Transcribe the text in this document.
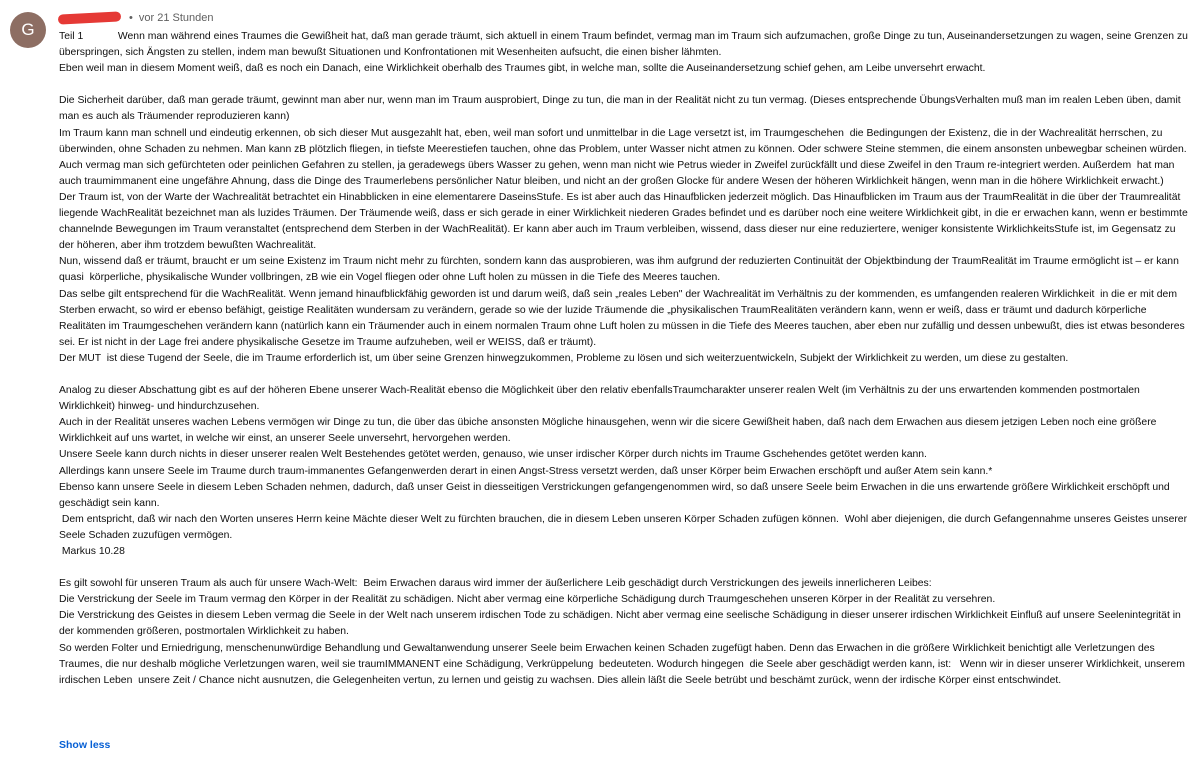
G
• vor 21 Stunden

Teil 1            Wenn man während eines Traumes die Gewißheit hat, daß man gerade träumt, sich aktuell in einem Traum befindet, vermag man im Traum sich aufzumachen, große Dinge zu tun, Auseinandersetzungen zu wagen, seine Grenzen zu überspringen, sich Ängsten zu stellen, indem man bewußt Situationen und Konfrontationen mit Wesenheiten aufsucht, die einen bisher lähmten.

Eben weil man in diesem Moment weiß, daß es noch ein Danach, eine Wirklichkeit oberhalb des Traumes gibt, in welche man, sollte die Auseinandersetzung schief gehen, am Leibe unversehrt erwacht.

Die Sicherheit darüber, daß man gerade träumt, gewinnt man aber nur, wenn man im Traum ausprobiert, Dinge zu tun, die man in der Realität nicht zu tun vermag. (Dieses entsprechende ÜbungsVerhalten muß man im realen Leben üben, damit man es auch als Träumender reproduzieren kann)

Im Traum kann man schnell und eindeutig erkennen, ob sich dieser Mut ausgezahlt hat, eben, weil man sofort und unmittelbar in die Lage versetzt ist, im Traumgeschehen  die Bedingungen der Existenz, die in der Wachrealität herrschen, zu überwinden, ohne Schaden zu nehmen. Man kann zB plötzlich fliegen, in tiefste Meerestiefen tauchen, ohne das Problem, unter Wasser nicht atmen zu können. Oder schwere Steine stemmen, die einem ansonsten unbewegbar scheinen würden.

Auch vermag man sich gefürchteten oder peinlichen Gefahren zu stellen, ja geradewegs übers Wasser zu gehen, wenn man nicht wie Petrus wieder in Zweifel zurückfällt und diese Zweifel in den Traum re-integriert werden. Außerdem  hat man auch traumimmanent eine ungefähre Ahnung, dass die Dinge des Traumerlebens persönlicher Natur bleiben, und nicht an der großen Glocke für andere Wesen der höheren Wirklichkeit hängen, wenn man in die höhere Wirklichkeit erwacht.)

Der Traum ist, von der Warte der Wachrealität betrachtet ein Hinabblicken in eine elementarere DaseinsStufe. Es ist aber auch das Hinaufblicken jederzeit möglich. Das Hinaufblicken im Traum aus der TraumRealität in die über der Traumrealität liegende WachRealität bezeichnet man als luzides Träumen. Der Träumende weiß, dass er sich gerade in einer Wirklichkeit niederen Grades befindet und es darüber noch eine weitere Wirklichkeit gibt, in die er erwachen kann, wenn er bestimmte channelnde Bewegungen im Traum veranstaltet (entsprechend dem Sterben in der WachRealität). Er kann aber auch im Traum verbleiben, wissend, dass dieser nur eine reduziertere, weniger konsistente WirklichkeitsStufe ist, im Gegensatz zu der höheren, aber ihm trotzdem bewußten Wachrealität.

Nun, wissend daß er träumt, braucht er um seine Existenz im Traum nicht mehr zu fürchten, sondern kann das ausprobieren, was ihm aufgrund der reduzierten Continuität der Objektbindung der TraumRealität im Traume ermöglicht ist – er kann  quasi  körperliche, physikalische Wunder vollbringen, zB wie ein Vogel fliegen oder ohne Luft holen zu müssen in die Tiefe des Meeres tauchen.

Das selbe gilt entsprechend für die WachRealität. Wenn jemand hinaufblickfähig geworden ist und darum weiß, daß sein „reales Leben" der Wachrealität im Verhältnis zu der kommenden, es umfangenden realeren Wirklichkeit  in die er mit dem Sterben erwacht, so wird er ebenso befähigt, geistige Realitäten wundersam zu verändern, gerade so wie der luzide Träumende die „physikalischen TraumRealitäten verändern kann, wenn er weiß, dass er träumt und dadurch körperliche Realitäten im Traumgeschehen verändern kann (natürlich kann ein Träumender auch in einem normalen Traum ohne Luft holen zu müssen in die Tiefe des Meeres tauchen, aber eben nur zufällig und dessen unbewußt, dies ist etwas besonderes sei. Er ist nicht in der Lage frei andere physikalische Gesetze im Traume aufzuheben, weil er WEISS, daß er träumt).

Der MUT  ist diese Tugend der Seele, die im Traume erforderlich ist, um über seine Grenzen hinwegzukommen, Probleme zu lösen und sich weiterzuentwickeln, Subjekt der Wirklichkeit zu werden, um diese zu gestalten.

Analog zu dieser Abschattung gibt es auf der höheren Ebene unserer Wach-Realität ebenso die Möglichkeit über den relativ ebenfallsTraumcharakter unserer realen Welt (im Verhältnis zu der uns erwartenden kommenden postmortalen Wirklichkeit) hinweg- und hindurchzusehen.

Auch in der Realität unseres wachen Lebens vermögen wir Dinge zu tun, die über das übiche ansonsten Mögliche hinausgehen, wenn wir die sicere Gewißheit haben, daß nach dem Erwachen aus diesem jetzigen Leben noch eine größere Wirklichkeit auf uns wartet, in welche wir einst, an unserer Seele unversehrt, hervorgehen werden.

Unsere Seele kann durch nichts in dieser unserer realen Welt Bestehendes getötet werden, genauso, wie unser irdischer Körper durch nichts im Traume Gschehendes getötet werden kann.

Allerdings kann unsere Seele im Traume durch traum-immanentes Gefangenwerden derart in einen Angst-Stress versetzt werden, daß unser Körper beim Erwachen erschöpft und außer Atem sein kann.*

Ebenso kann unsere Seele in diesem Leben Schaden nehmen, dadurch, daß unser Geist in diesseitigen Verstrickungen gefangengenommen wird, so daß unsere Seele beim Erwachen in die uns erwartende größere Wirklichkeit erschöpft und geschädigt sein kann.

Dem entspricht, daß wir nach den Worten unseres Herrn keine Mächte dieser Welt zu fürchten brauchen, die in diesem Leben unseren Körper Schaden zufügen können.  Wohl aber diejenigen, die durch Gefangennahme unseres Geistes unserer Seele Schaden zuzufügen vermögen.

Markus 10.28

Es gilt sowohl für unseren Traum als auch für unsere Wach-Welt:  Beim Erwachen daraus wird immer der äußerlichere Leib geschädigt durch Verstrickungen des jeweils innerlicheren Leibes:

Die Verstrickung der Seele im Traum vermag den Körper in der Realität zu schädigen. Nicht aber vermag eine körperliche Schädigung durch Traumgeschehen unseren Körper in der Realität zu versehren.

Die Verstrickung des Geistes in diesem Leben vermag die Seele in der Welt nach unserem irdischen Tode zu schädigen. Nicht aber vermag eine seelische Schädigung in dieser unserer irdischen Wirklichkeit Einfluß auf unsere Seelenintegrität in der kommenden größeren, postmortalen Wirklichkeit zu haben.

So werden Folter und Erniedrigung, menschenunwürdige Behandlung und Gewaltanwendung unserer Seele beim Erwachen keinen Schaden zugefügt haben. Denn das Erwachen in die größere Wirklichkeit benichtigt alle Verletzungen des Traumes, die nur deshalb mögliche Verletzungen waren, weil sie traumIMMANENT eine Schädigung, Verkrüppelung  bedeuteten. Wodurch hingegen  die Seele aber geschädigt werden kann, ist:   Wenn wir in dieser unserer Wirklichkeit, unserem irdischen Leben  unsere Zeit / Chance nicht ausnutzen, die Gelegenheiten vertun, zu lernen und geistig zu wachsen. Dies allein läßt die Seele betrübt und beschämt zurück, wenn der irdische Körper einst entschwindet.

Show less
